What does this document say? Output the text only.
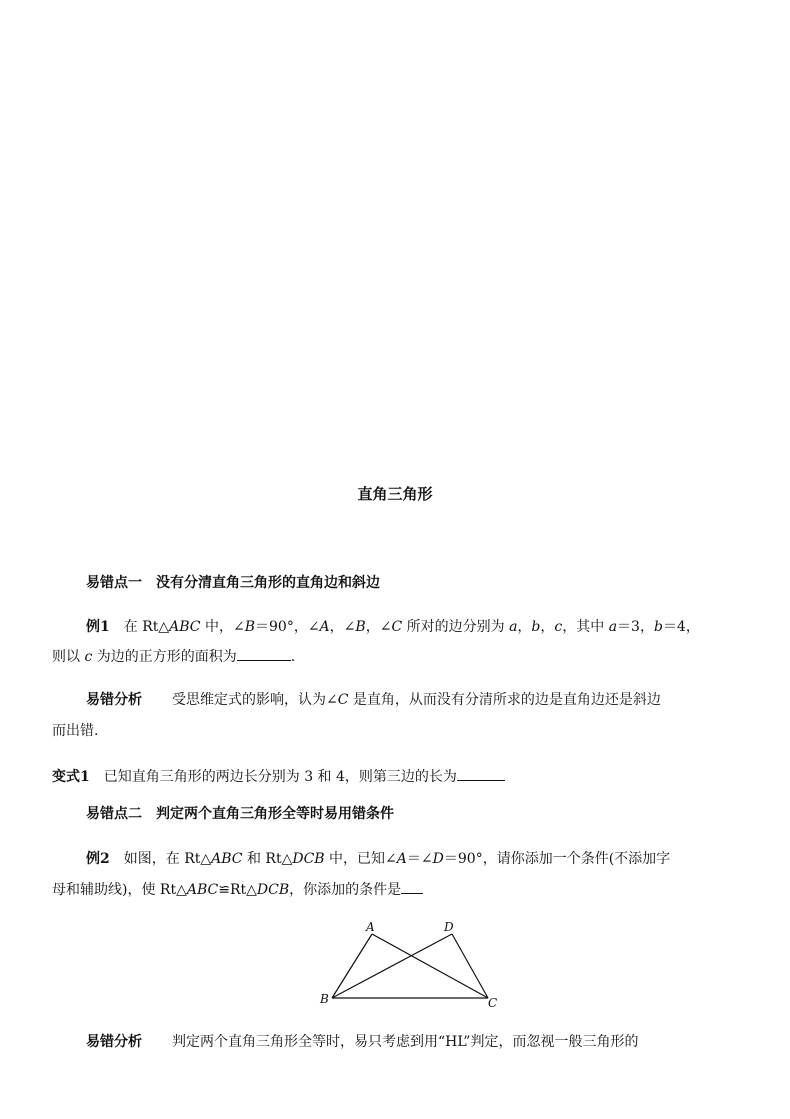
直角三角形
易错点一　没有分清直角三角形的直角边和斜边
例1 在 Rt△ABC 中，∠B＝90°，∠A，∠B，∠C 所对的边分别为 a，b，c，其中 a＝3，b＝4，
则以 c 为边的正方形的面积为	.
易错分析 受思维定式的影响，认为∠C 是直角，从而没有分清所求的边是直角边还是斜边
而出错.
变式1 已知直角三角形的两边长分别为 3 和 4，则第三边的长为
易错点二　判定两个直角三角形全等时易用错条件
例2 如图，在 Rt△ABC 和 Rt△DCB 中，已知∠A＝∠D＝90°，请你添加一个条件(不添加字
母和辅助线)，使 Rt△ABC≌Rt△DCB，你添加的条件是
A	D
B	C
易错分析 判定两个直角三角形全等时，易只考虑到用“HL”判定，而忽视一般三角形的
